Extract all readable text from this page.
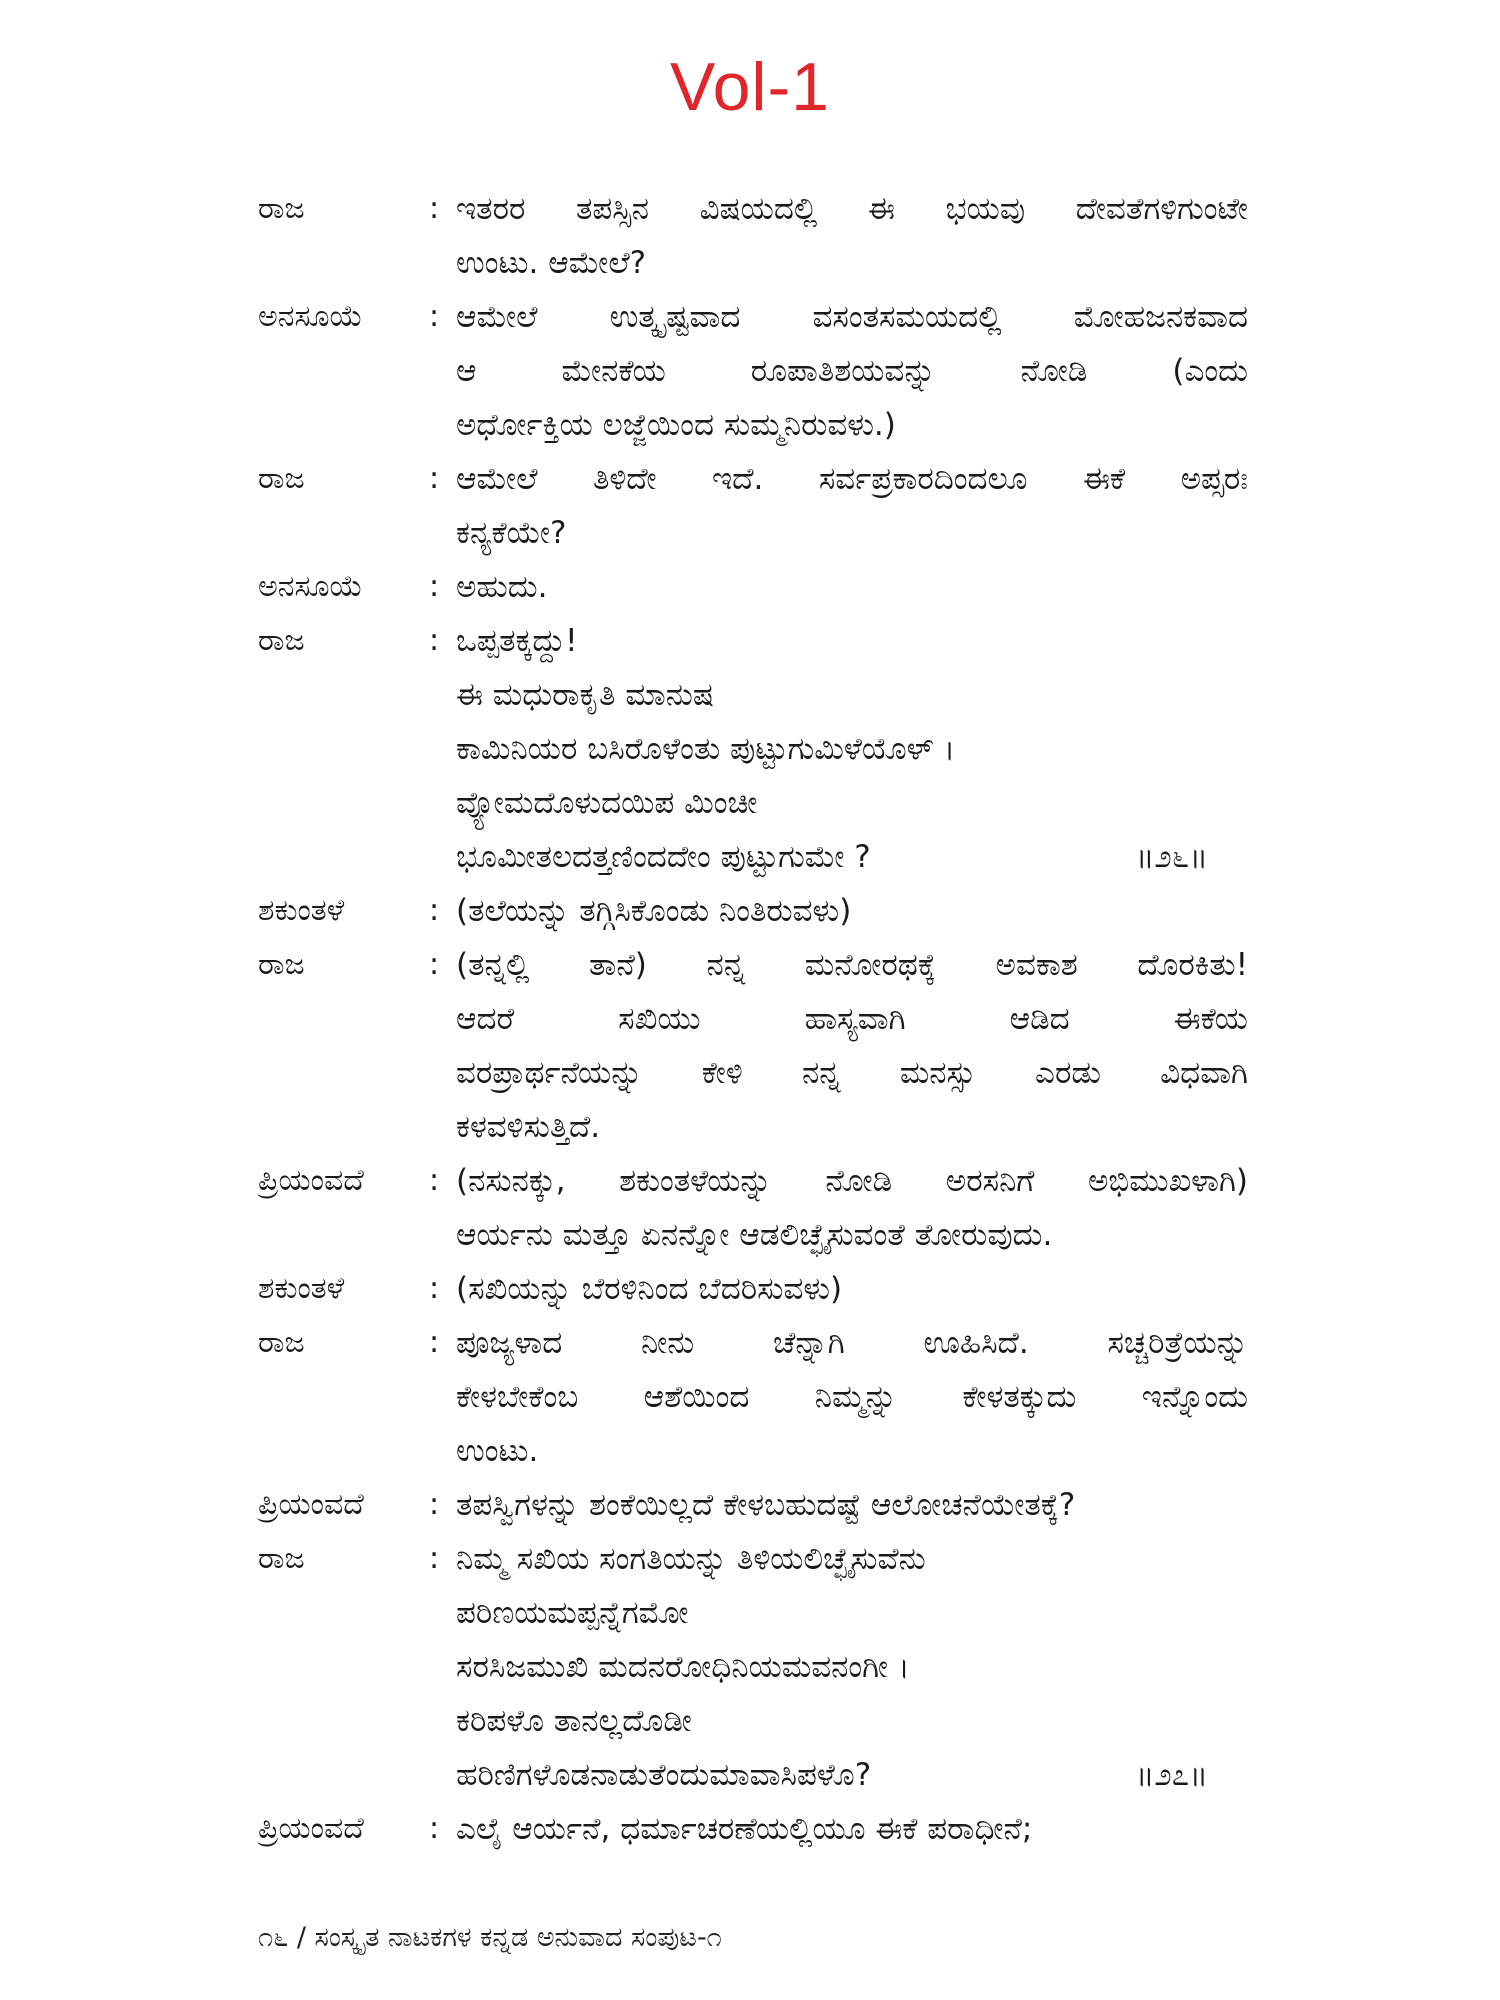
Vol-1
ರಾಜ	: ಇತರರ ತಪಸ್ಸಿನ ವಿಷಯದಲ್ಲಿ ಈ ಭಯವು ದೇವತೆಗಳಿಗುಂಟೇ
ಉಂಟು. ಆಮೇಲೆ?
ಅನಸೂಯೆ	: ಆಮೇಲೆ ಉತ್ಕೃಷ್ಟವಾದ ವಸಂತಸಮಯದಲ್ಲಿ ಮೋಹಜನಕವಾದ
ಆ ಮೇನಕೆಯ ರೂಪಾತಿಶಯವನ್ನು ನೋಡಿ (ಎಂದು
ಅರ್ಧೋಕ್ತಿಯ ಲಜ್ಜೆಯಿಂದ ಸುಮ್ಮನಿರುವಳು.)
ರಾಜ	: ಆಮೇಲೆ ತಿಳಿದೇ ಇದೆ. ಸರ್ವಪ್ರಕಾರದಿಂದಲೂ ಈಕೆ ಅಪ್ಸರಃ
ಕನ್ಯಕೆಯೇ?
ಅನಸೂಯೆ	: ಅಹುದು.
ರಾಜ	: ಒಪ್ಪತಕ್ಕದ್ದು!
ಈ ಮಧುರಾಕೃತಿ ಮಾನುಷ
ಕಾಮಿನಿಯರ ಬಸಿರೊಳೆಂತು ಪುಟ್ಟುಗುಮಿಳೆಯೊಳ್ ।
ವ್ಯೋಮದೊಳುದಯಿಪ ಮಿಂಚೀ
॥೨೬॥
ಭೂಮೀತಲದತ್ತಣಿಂದದೇಂ ಪುಟ್ಟುಗುಮೇ ?
ಶಕುಂತಳೆ	: (ತಲೆಯನ್ನು ತಗ್ಗಿಸಿಕೊಂಡು ನಿಂತಿರುವಳು)
ರಾಜ	: (ತನ್ನಲ್ಲಿ ತಾನೆ) ನನ್ನ ಮನೋರಥಕ್ಕೆ ಅವಕಾಶ ದೊರಕಿತು!
ಆದರೆ ಸಖಿಯು ಹಾಸ್ಯವಾಗಿ ಆಡಿದ ಈಕೆಯ
ವರಪ್ರಾರ್ಥನೆಯನ್ನು ಕೇಳಿ ನನ್ನ ಮನಸ್ಸು ಎರಡು ವಿಧವಾಗಿ
ಕಳವಳಿಸುತ್ತಿದೆ.
ಪ್ರಿಯಂವದೆ	: (ನಸುನಕ್ಕು, ಶಕುಂತಳೆಯನ್ನು ನೋಡಿ ಅರಸನಿಗೆ ಅಭಿಮುಖಳಾಗಿ)
ಆರ್ಯನು ಮತ್ತೂ ಏನನ್ನೋ ಆಡಲಿಚ್ಛೈಸುವಂತೆ ತೋರುವುದು.
ಶಕುಂತಳೆ	: (ಸಖಿಯನ್ನು ಬೆರಳಿನಿಂದ ಬೆದರಿಸುವಳು)
ರಾಜ	: ಪೂಜ್ಯಳಾದ ನೀನು ಚೆನ್ನಾಗಿ ಊಹಿಸಿದೆ. ಸಚ್ಚರಿತ್ರೆಯನ್ನು
ಕೇಳಬೇಕೆಂಬ ಆಶೆಯಿಂದ ನಿಮ್ಮನ್ನು ಕೇಳತಕ್ಕುದು ಇನ್ನೊಂದು
ಉಂಟು.
ಪ್ರಿಯಂವದೆ	: ತಪಸ್ವಿಗಳನ್ನು ಶಂಕೆಯಿಲ್ಲದೆ ಕೇಳಬಹುದಷ್ಟೆ ಆಲೋಚನೆಯೇತಕ್ಕೆ?
ರಾಜ	: ನಿಮ್ಮ ಸಖಿಯ ಸಂಗತಿಯನ್ನು ತಿಳಿಯಲಿಚ್ಛೈಸುವೆನು
ಪರಿಣಯಮಪ್ಪನ್ನೆಗಮೋ
ಸರಸಿಜಮುಖಿ ಮದನರೋಧಿನಿಯಮವನಂಗೀ ।
ಕರಿಪಳೊ ತಾನಲ್ಲದೊಡೀ
॥೨೭॥
ಹರಿಣಿಗಳೊಡನಾಡುತೆಂದುಮಾವಾಸಿಪಳೊ?
ಪ್ರಿಯಂವದೆ	: ಎಲೈ ಆರ್ಯನೆ, ಧರ್ಮಾಚರಣೆಯಲ್ಲಿಯೂ ಈಕೆ ಪರಾಧೀನೆ;
೧೬ / ಸಂಸ್ಕೃತ ನಾಟಕಗಳ ಕನ್ನಡ ಅನುವಾದ ಸಂಪುಟ-೧
